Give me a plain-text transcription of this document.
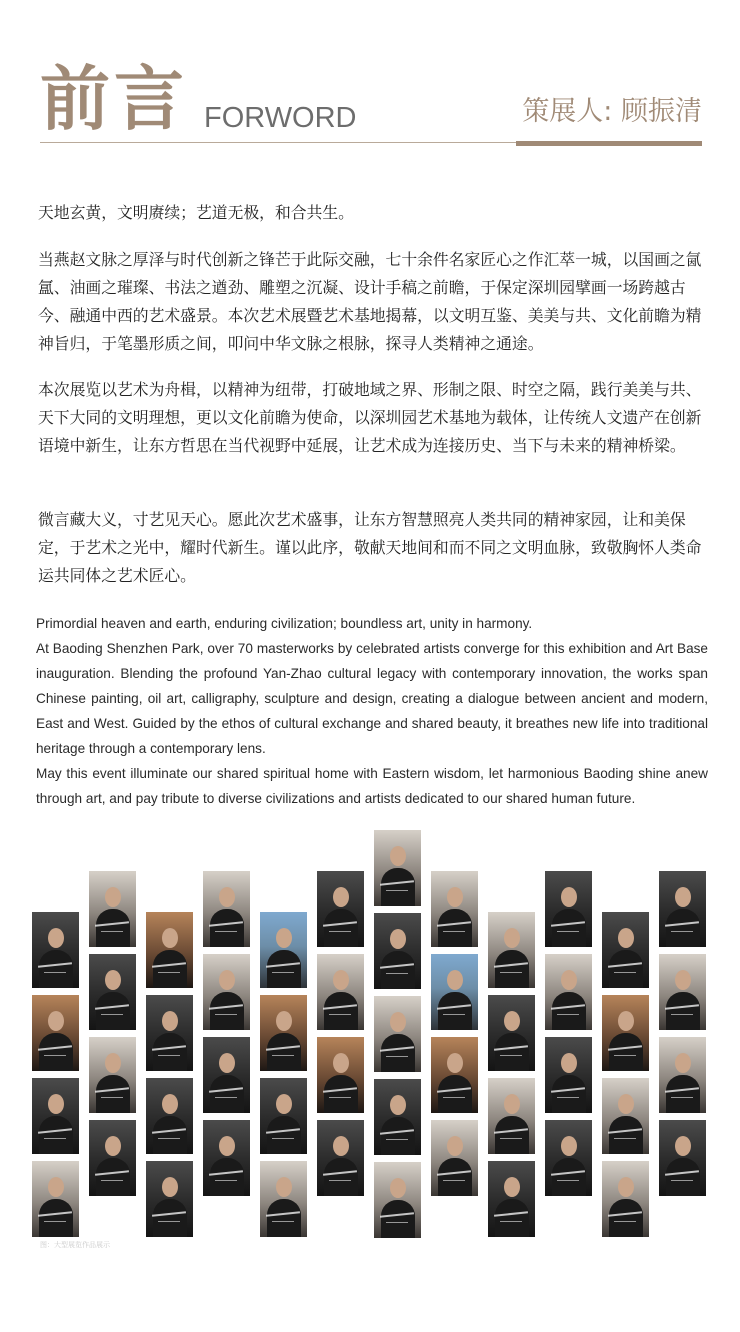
前言 FORWORD	策展人: 顾振清
天地玄黄，文明赓续；艺道无极，和合共生。
当燕赵文脉之厚泽与时代创新之锋芒于此际交融，七十余件名家匠心之作汇萃一城，以国画之氤氲、油画之璀璨、书法之遒劲、雕塑之沉凝、设计手稿之前瞻，于保定深圳园擘画一场跨越古今、融通中西的艺术盛景。本次艺术展暨艺术基地揭幕，以文明互鉴、美美与共、文化前瞻为精神旨归，于笔墨形质之间，叩问中华文脉之根脉，探寻人类精神之通途。
本次展览以艺术为舟楫，以精神为纽带，打破地域之界、形制之限、时空之隔，践行美美与共、天下大同的文明理想，更以文化前瞻为使命，以深圳园艺术基地为载体，让传统人文遗产在创新语境中新生，让东方哲思在当代视野中延展，让艺术成为连接历史、当下与未来的精神桥梁。
微言藏大义，寸艺见天心。愿此次艺术盛事，让东方智慧照亮人类共同的精神家园，让和美保定，于艺术之光中，耀时代新生。谨以此序，敬献天地间和而不同之文明血脉，致敬胸怀人类命运共同体之艺术匠心。

Primordial heaven and earth, enduring civilization; boundless art, unity in harmony.

At Baoding Shenzhen Park, over 70 masterworks by celebrated artists converge for this exhibition and Art Base inauguration. Blending the profound Yan-Zhao cultural legacy with contemporary innovation, the works span Chinese painting, oil art, calligraphy, sculpture and design, creating a dialogue between ancient and modern, East and West. Guided by the ethos of cultural exchange and shared beauty, it breathes new life into traditional heritage through a contemporary lens.

May this event illuminate our shared spiritual home with Eastern wisdom, let harmonious Baoding shine anew through art, and pay tribute to diverse civilizations and artists dedicated to our shared human future.

图：大型展览作品展示
